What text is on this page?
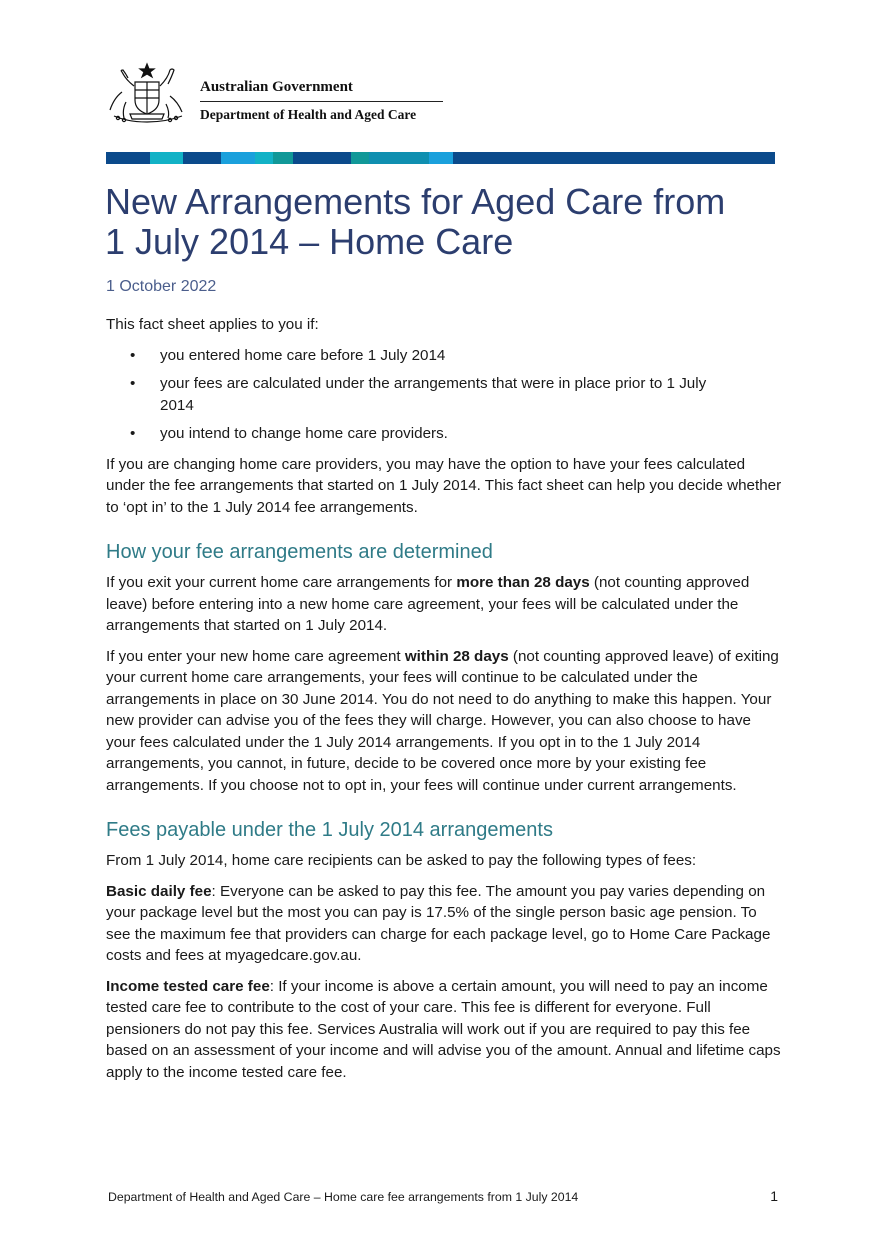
Australian Government
Department of Health and Aged Care
New Arrangements for Aged Care from
1 July 2014 – Home Care
1 October 2022

This fact sheet applies to you if:

• you entered home care before 1 July 2014
• your fees are calculated under the arrangements that were in place prior to 1 July 2014
• you intend to change home care providers.

If you are changing home care providers, you may have the option to have your fees calculated under the fee arrangements that started on 1 July 2014. This fact sheet can help you decide whether to ‘opt in’ to the 1 July 2014 fee arrangements.

How your fee arrangements are determined

If you exit your current home care arrangements for more than 28 days (not counting approved leave) before entering into a new home care agreement, your fees will be calculated under the arrangements that started on 1 July 2014.

If you enter your new home care agreement within 28 days (not counting approved leave) of exiting your current home care arrangements, your fees will continue to be calculated under the arrangements in place on 30 June 2014. You do not need to do anything to make this happen. Your new provider can advise you of the fees they will charge. However, you can also choose to have your fees calculated under the 1 July 2014 arrangements. If you opt in to the 1 July 2014 arrangements, you cannot, in future, decide to be covered once more by your existing fee arrangements. If you choose not to opt in, your fees will continue under current arrangements.

Fees payable under the 1 July 2014 arrangements

From 1 July 2014, home care recipients can be asked to pay the following types of fees:

Basic daily fee: Everyone can be asked to pay this fee. The amount you pay varies depending on your package level but the most you can pay is 17.5% of the single person basic age pension. To see the maximum fee that providers can charge for each package level, go to Home Care Package costs and fees at myagedcare.gov.au.

Income tested care fee: If your income is above a certain amount, you will need to pay an income tested care fee to contribute to the cost of your care. This fee is different for everyone. Full pensioners do not pay this fee. Services Australia will work out if you are required to pay this fee based on an assessment of your income and will advise you of the amount. Annual and lifetime caps apply to the income tested care fee.

Department of Health and Aged Care – Home care fee arrangements from 1 July 2014	1
